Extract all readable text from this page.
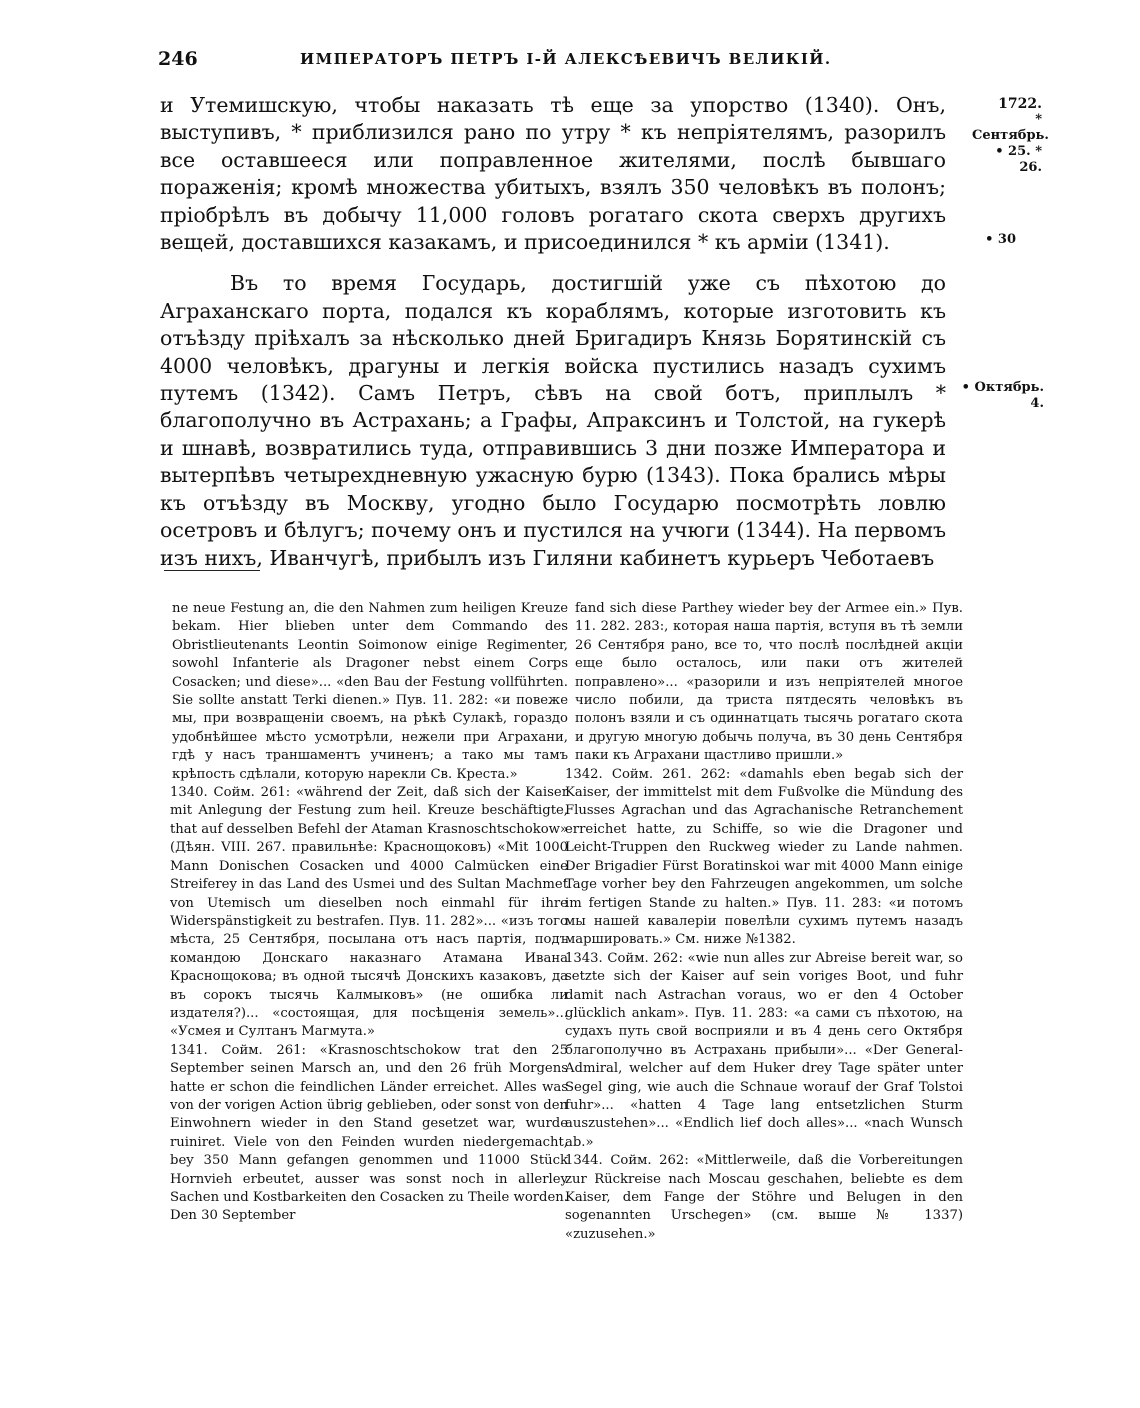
246	ИМПЕРАТОРЪ ПЕТРЪ I-Й АЛЕКСѢЕВИЧЪ ВЕЛИКІЙ.
1722.
* Сентябрь.
• 25. * 26.
• 30
• Октябрь. 4.

и Утемишскую, чтобы наказать тѣ еще за упорство (1340). Онъ, выступивъ, * приблизился рано по утру * къ непріятелямъ, разорилъ все оставшееся или поправленное жителями, послѣ бывшаго пораженія; кромѣ множества убитыхъ, взялъ 350 человѣкъ въ полонъ; пріобрѣлъ въ добычу 11,000 головъ рогатаго скота сверхъ другихъ вещей, доставшихся казакамъ, и присоединился * къ арміи (1341).

Въ то время Государь, достигшій уже съ пѣхотою до Аграханскаго порта, подался къ кораблямъ, которые изготовить къ отъѣзду пріѣхалъ за нѣсколько дней Бригадиръ Князь Борятинскій съ 4000 человѣкъ, драгуны и легкія войска пустились назадъ сухимъ путемъ (1342). Самъ Петръ, сѣвъ на свой ботъ, приплылъ * благополучно въ Астрахань; а Графы, Апраксинъ и Толстой, на гукерѣ и шнавѣ, возвратились туда, отправившись 3 дни позже Императора и вытерпѣвъ четырехдневную ужасную бурю (1343). Пока брались мѣры къ отъѣзду въ Москву, угодно было Государю посмотрѣть ловлю осетровъ и бѣлугъ; почему онъ и пустился на учюги (1344). На первомъ изъ нихъ, Иванчугѣ, прибылъ изъ Гиляни кабинетъ курьеръ Чеботаевъ

ne neue Festung an, die den Nahmen zum heiligen Kreuze bekam. Hier blieben unter dem Commando des Obristlieutenants Leontin Soimonow einige Regimenter, sowohl Infanterie als Dragoner nebst einem Corps Cosacken; und diese»... «den Bau der Festung vollführten. Sie sollte anstatt Terki dienen.» Пув. 11. 282: «и повеже мы, при возвращеніи своемъ, на рѣкѣ Сулакѣ, гораздо удобнѣйшее мѣсто усмотрѣли, нежели при Аграхани, гдѣ у насъ траншаментъ учиненъ; а тако мы тамъ крѣпость сдѣлали, которую нарекли Св. Креста.»

1340. Сойм. 261: «während der Zeit, daß sich der Kaiser mit Anlegung der Festung zum heil. Kreuze beschäftigte, that auf desselben Befehl der Ataman Krasnoschtschokow» (Дѣян. VIII. 267. правильнѣе: Краснощоковъ) «Mit 1000 Mann Donischen Cosacken und 4000 Calmücken eine Streiferey in das Land des Usmei und des Sultan Machmet von Utemisch um dieselben noch einmahl für ihre Widerspänstigkeit zu bestrafen. Пув. 11. 282»... «изъ того мѣста, 25 Сентября, посылана отъ насъ партія, подъ командою Донскаго наказнаго Атамана Ивана Краснощокова; въ одной тысячѣ Донскихъ казаковъ, да въ сорокъ тысячь Калмыковъ» (не ошибка ли издателя?)... «состоящая, для посѣщенія земель»... «Усмея и Султанъ Магмута.»

1341. Сойм. 261: «Krasnoschtschokow trat den 25 September seinen Marsch an, und den 26 früh Morgens hatte er schon die feindlichen Länder erreichet. Alles was von der vorigen Action übrig geblieben, oder sonst von den Einwohnern wieder in den Stand gesetzet war, wurde ruiniret. Viele von den Feinden wurden niedergemacht, bey 350 Mann gefangen genommen und 11000 Stück Hornvieh erbeutet, ausser was sonst noch in allerley Sachen und Kostbarkeiten den Cosacken zu Theile worden. Den 30 September

fand sich diese Parthey wieder bey der Armee ein.» Пув. 11. 282. 283:, которая наша партія, вступя въ тѣ земли 26 Сентября рано, все то, что послѣ послѣдней акціи еще было осталось, или паки отъ жителей поправлено»... «разорили и изъ непріятелей многое число побили, да триста пятдесять человѣкъ въ полонъ взяли и съ одиннатцать тысячь рогатаго скота и другую многую добычь получа, въ 30 день Сентября паки къ Аграхани щастливо пришли.»

1342. Сойм. 261. 262: «damahls eben begab sich der Kaiser, der immittelst mit dem Fußvolke die Mündung des Flusses Agrachan und das Agrachanische Retranchement erreichet hatte, zu Schiffe, so wie die Dragoner und Leicht-Truppen den Ruckweg wieder zu Lande nahmen. Der Brigadier Fürst Boratinskoi war mit 4000 Mann einige Tage vorher bey den Fahrzeugen angekommen, um solche im fertigen Stande zu halten.» Пув. 11. 283: «и потомъ мы нашей кавалеріи повелѣли сухимъ путемъ назадъ маршировать.» См. ниже №1382.

1343. Сойм. 262: «wie nun alles zur Abreise bereit war, so setzte sich der Kaiser auf sein voriges Boot, und fuhr damit nach Astrachan voraus, wo er den 4 October glücklich ankam». Пув. 11. 283: «а сами съ пѣхотою, на судахъ путь свой восприяли и въ 4 день сего Октября благополучно въ Астрахань прибыли»... «Der General-Admiral, welcher auf dem Huker drey Tage später unter Segel ging, wie auch die Schnaue worauf der Graf Tolstoi fuhr»... «hatten 4 Tage lang entsetzlichen Sturm auszustehen»... «Endlich lief doch alles»... «nach Wunsch ab.»

1344. Сойм. 262: «Mittlerweile, daß die Vorbereitungen zur Rückreise nach Moscau geschahen, beliebte es dem Kaiser, dem Fange der Stöhre und Belugen in den sogenannten Urschegen» (см. выше № 1337) «zuzusehen.»
